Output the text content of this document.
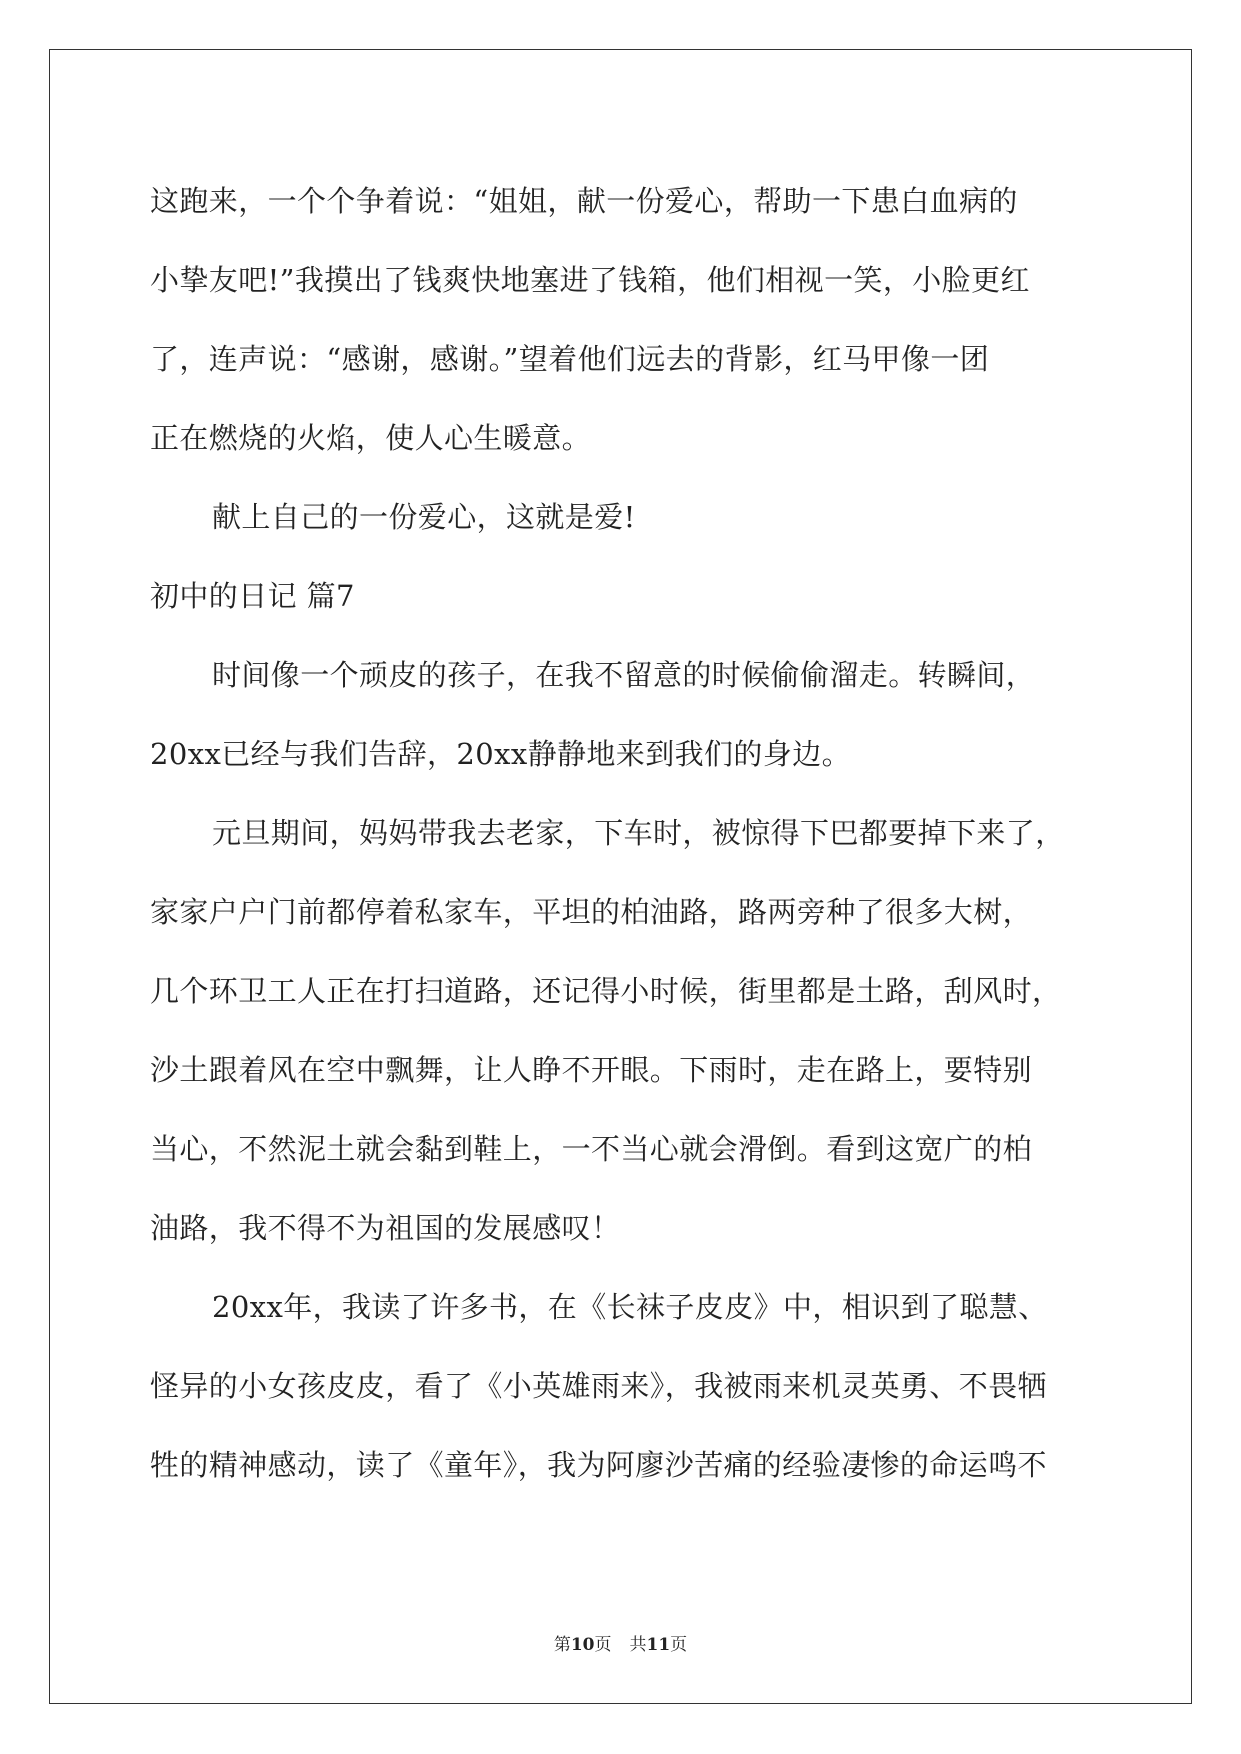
这跑来，一个个争着说：“姐姐，献一份爱心，帮助一下患白血病的
小挚友吧!”我摸出了钱爽快地塞进了钱箱，他们相视一笑，小脸更红
了，连声说：“感谢，感谢。”望着他们远去的背影，红马甲像一团
正在燃烧的火焰，使人心生暖意。
献上自己的一份爱心，这就是爱!
初中的日记 篇7
时间像一个顽皮的孩子，在我不留意的时候偷偷溜走。转瞬间，
20xx已经与我们告辞，20xx静静地来到我们的身边。
元旦期间，妈妈带我去老家，下车时，被惊得下巴都要掉下来了，
家家户户门前都停着私家车，平坦的柏油路，路两旁种了很多大树，
几个环卫工人正在打扫道路，还记得小时候，街里都是土路，刮风时，
沙土跟着风在空中飘舞，让人睁不开眼。下雨时，走在路上，要特别
当心，不然泥土就会黏到鞋上，一不当心就会滑倒。看到这宽广的柏
油路，我不得不为祖国的发展感叹！
20xx年，我读了许多书，在《长袜子皮皮》中，相识到了聪慧、
怪异的小女孩皮皮，看了《小英雄雨来》，我被雨来机灵英勇、不畏牺
牲的精神感动，读了《童年》，我为阿廖沙苦痛的经验凄惨的命运鸣不
第10页 共11页
